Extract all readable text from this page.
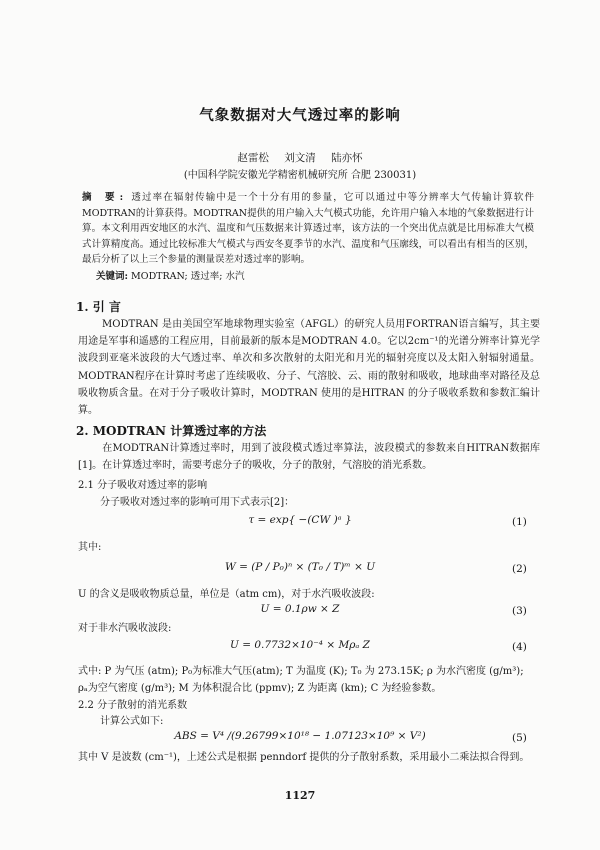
气象数据对大气透过率的影响
赵雷松 刘文清 陆亦怀
(中国科学院安徽光学精密机械研究所 合肥 230031)
摘 要: 透过率在辐射传输中是一个十分有用的参量，它可以通过中等分辨率大气传输计算软件MODTRAN的计算获得。MODTRAN提供的用户输入大气模式功能，允许用户输入本地的气象数据进行计算。本文利用西安地区的水汽、温度和气压数据来计算透过率，该方法的一个突出优点就是比用标准大气模式计算精度高。通过比较标准大气模式与西安冬夏季节的水汽、温度和气压廓线，可以看出有相当的区别，最后分析了以上三个参量的测量误差对透过率的影响。
关键词: MODTRAN; 透过率; 水汽
1. 引 言
MODTRAN 是由美国空军地球物理实验室（AFGL）的研究人员用FORTRAN语言编写，其主要用途是军事和遥感的工程应用，目前最新的版本是MODTRAN 4.0。它以2cm⁻¹的光谱分辨率计算光学波段到亚毫米波段的大气透过率、单次和多次散射的太阳光和月光的辐射亮度以及太阳入射辐射通量。MODTRAN程序在计算时考虑了连续吸收、分子、气溶胶、云、雨的散射和吸收，地球曲率对路径及总吸收物质含量。在对于分子吸收计算时，MODTRAN 使用的是HITRAN 的分子吸收系数和参数汇编计算。
2. MODTRAN 计算透过率的方法
在MODTRAN计算透过率时，用到了波段模式透过率算法，波段模式的参数来自HITRAN数据库[1]。在计算透过率时，需要考虑分子的吸收，分子的散射，气溶胶的消光系数。
2.1 分子吸收对透过率的影响
分子吸收对透过率的影响可用下式表示[2]：
τ = exp{ −(CW )ᵃ }	(1)
其中:
W = (P / P₀)ⁿ × (T₀ / T)ᵐ × U	(2)
U 的含义是吸收物质总量，单位是（atm cm)，对于水汽吸收波段:
U = 0.1ρw × Z	(3)
对于非水汽吸收波段:
U = 0.7732×10⁻⁴ × Mρₐ Z	(4)
式中: P 为气压 (atm); P₀为标准大气压(atm); T 为温度 (K); T₀ 为 273.15K; ρ 为水汽密度 (g/m³);
ρₐ为空气密度 (g/m³); M 为体积混合比 (ppmv); Z 为距离 (km); C 为经验参数。
2.2 分子散射的消光系数
计算公式如下:
ABS = V⁴ /(9.26799×10¹⁸ − 1.07123×10⁹ × V²)	(5)
其中 V 是波数 (cm⁻¹)，上述公式是根据 penndorf 提供的分子散射系数，采用最小二乘法拟合得到。
1127
